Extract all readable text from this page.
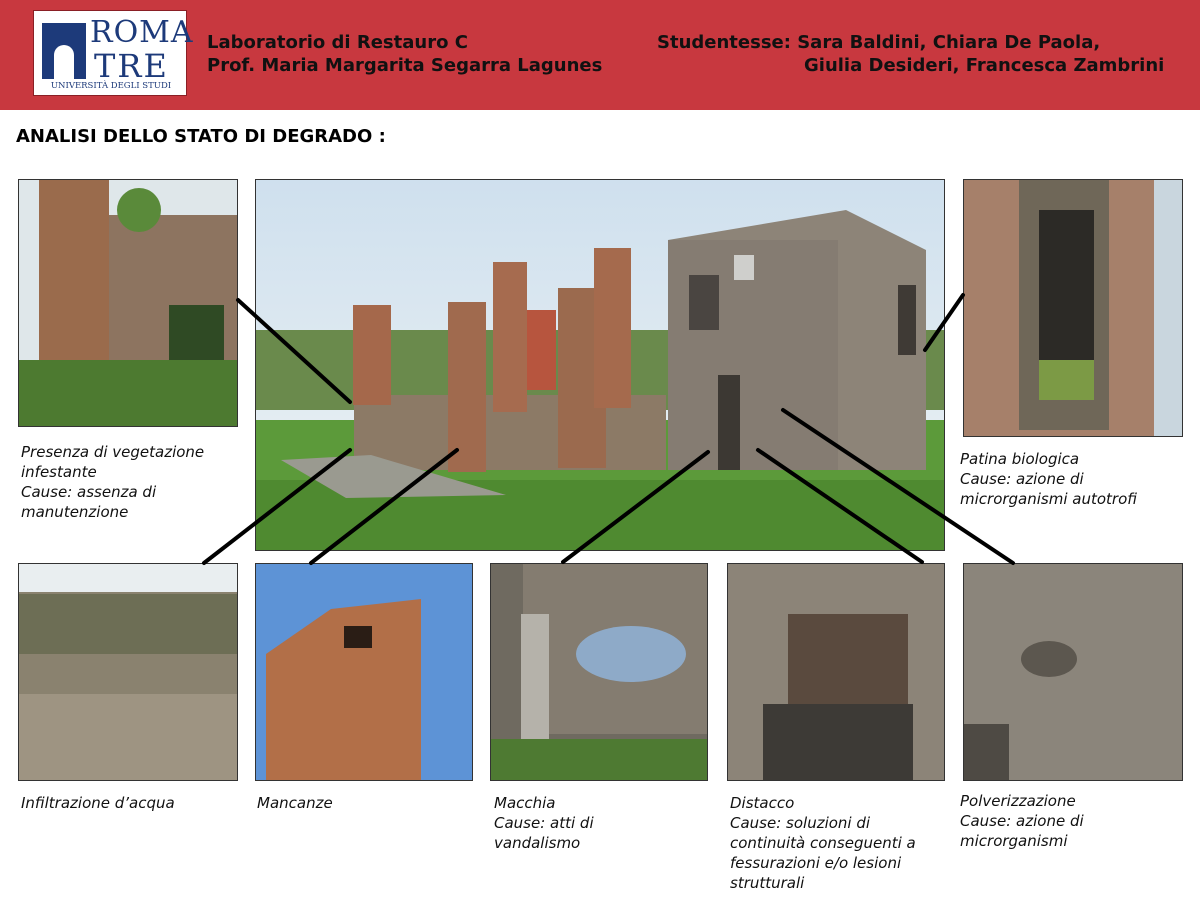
ROMA
TRE
UNIVERSITÀ DEGLI STUDI
Laboratorio di Restauro C
Prof. Maria Margarita Segarra Lagunes
Studentesse: Sara Baldini, Chiara De Paola,
Giulia Desideri, Francesca Zambrini
ANALISI DELLO STATO DI DEGRADO :
Presenza di vegetazione
infestante
Cause: assenza di
manutenzione
Patina biologica
Cause: azione di
microrganismi autotrofi
Infiltrazione d’acqua	Mancanze	Macchia
Cause: atti di
vandalismo
Distacco
Cause: soluzioni di
continuità conseguenti a
fessurazioni e/o lesioni
strutturali
Polverizzazione
Cause: azione di
microrganismi
